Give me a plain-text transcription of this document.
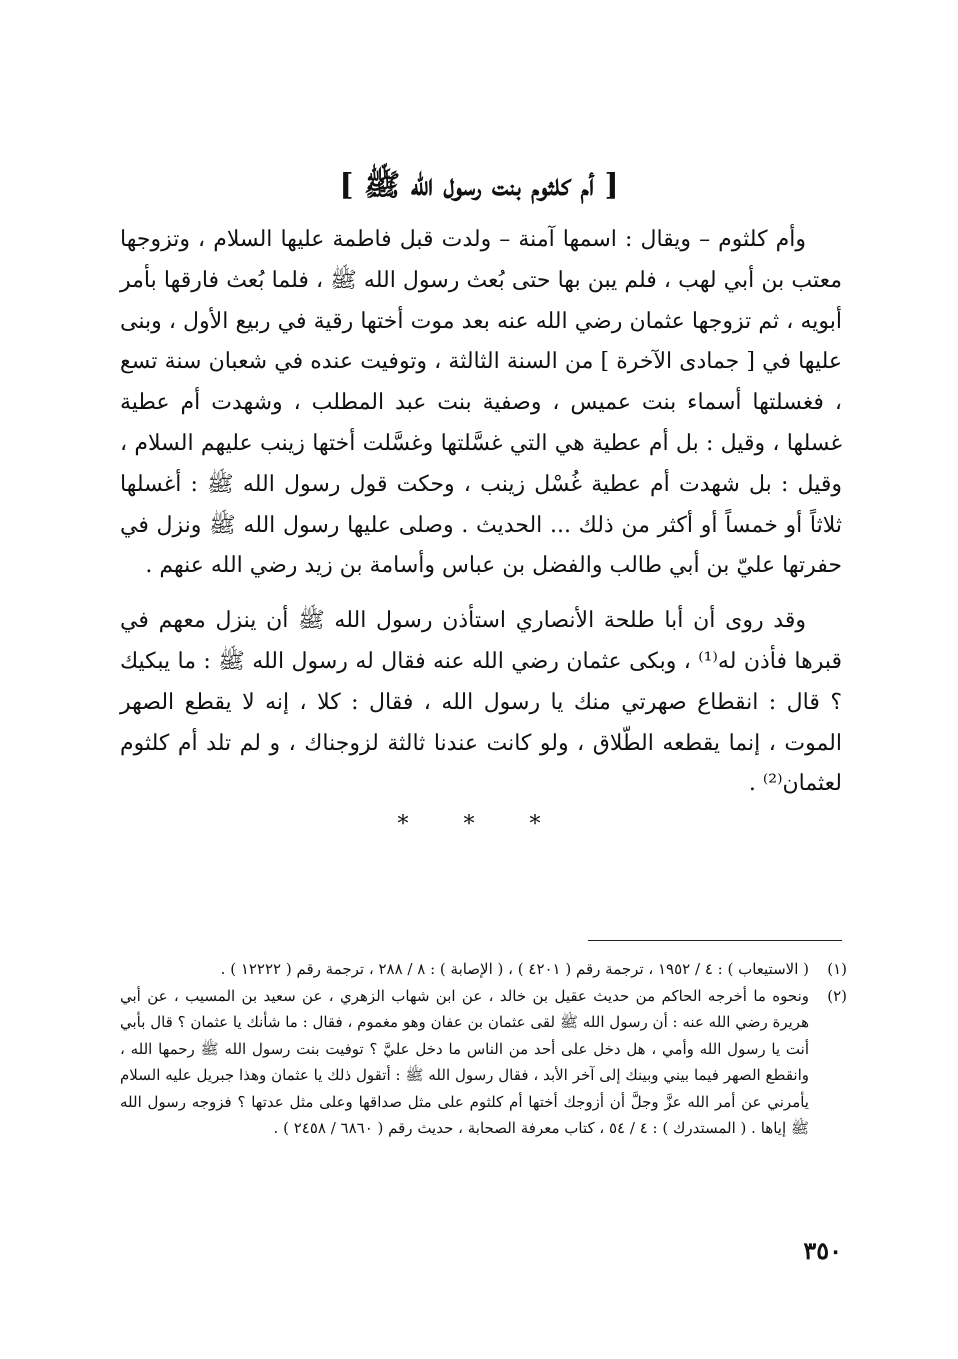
[ أم كلثوم بنت رسول الله ﷺ ]

وأم كلثوم – ويقال : اسمها آمنة – ولدت قبل فاطمة عليها السلام ، وتزوجها معتب بن أبي لهب ، فلم يبن بها حتى بُعث رسول الله ﷺ ، فلما بُعث فارقها بأمر أبويه ، ثم تزوجها عثمان رضي الله عنه بعد موت أختها رقية في ربيع الأول ، وبنى عليها في [ جمادى الآخرة ] من السنة الثالثة ، وتوفيت عنده في شعبان سنة تسع ، فغسلتها أسماء بنت عميس ، وصفية بنت عبد المطلب ، وشهدت أم عطية غسلها ، وقيل : بل أم عطية هي التي غسَّلتها وغسَّلت أختها زينب عليهم السلام ، وقيل : بل شهدت أم عطية غُسْل زينب ، وحكت قول رسول الله ﷺ : أغسلها ثلاثاً أو خمساً أو أكثر من ذلك ... الحديث . وصلى عليها رسول الله ﷺ ونزل في حفرتها عليّ بن أبي طالب والفضل بن عباس وأسامة بن زيد رضي الله عنهم .

وقد روى أن أبا طلحة الأنصاري استأذن رسول الله ﷺ أن ينزل معهم في قبرها فأذن له⁽¹⁾ ، وبكى عثمان رضي الله عنه فقال له رسول الله ﷺ : ما يبكيك ؟ قال : انقطاع صهرتي منك يا رسول الله ، فقال : كلا ، إنه لا يقطع الصهر الموت ، إنما يقطعه الطّلاق ، ولو كانت عندنا ثالثة لزوجناك ، و لم تلد أم كلثوم لعثمان⁽²⁾ .

* * *
(١)
( الاستيعاب ) : ٤ / ١٩٥٢ ، ترجمة رقم ( ٤٢٠١ ) ، ( الإصابة ) : ٨ / ٢٨٨ ، ترجمة رقم ( ١٢٢٢٢ ) .
(٢)
ونحوه ما أخرجه الحاكم من حديث عقيل بن خالد ، عن ابن شهاب الزهري ، عن سعيد بن المسيب ، عن أبي هريرة رضي الله عنه : أن رسول الله ﷺ لقى عثمان بن عفان وهو مغموم ، فقال : ما شأنك يا عثمان ؟ قال بأبي أنت يا رسول الله وأمي ، هل دخل على أحد من الناس ما دخل عليَّ ؟ توفيت بنت رسول الله ﷺ رحمها الله ، وانقطع الصهر فيما بيني وبينك إلى آخر الأبد ، فقال رسول الله ﷺ : أتقول ذلك يا عثمان وهذا جبريل عليه السلام يأمرني عن أمر الله عزَّ وجلَّ أن أزوجك أختها أم كلثوم على مثل صداقها وعلى مثل عدتها ؟ فزوجه رسول الله ﷺ إياها . ( المستدرك ) : ٤ / ٥٤ ، كتاب معرفة الصحابة ، حديث رقم ( ٦٨٦٠ / ٢٤٥٨ ) .
٣٥٠
